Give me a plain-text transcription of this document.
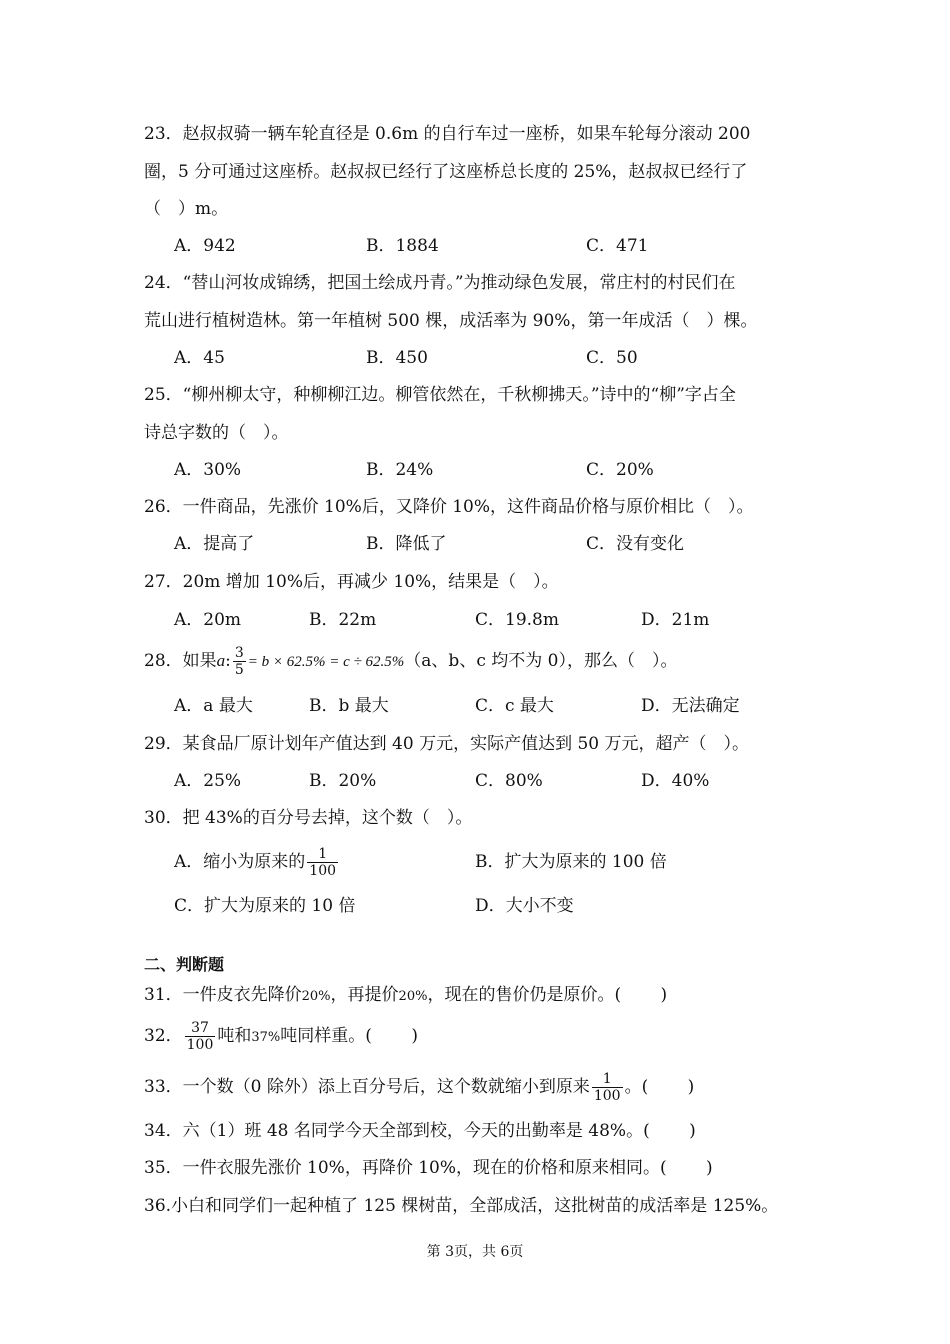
23．赵叔叔骑一辆车轮直径是 0.6m 的自行车过一座桥，如果车轮每分滚动 200
圈，5 分可通过这座桥。赵叔叔已经行了这座桥总长度的 25%，赵叔叔已经行了
（　）m。
A．942	B．1884	C．471
24．“替山河妆成锦绣，把国土绘成丹青。”为推动绿色发展，常庄村的村民们在
荒山进行植树造林。第一年植树 500 棵，成活率为 90%，第一年成活（　）棵。
A．45	B．450	C．50
25．“柳州柳太守，种柳柳江边。柳管依然在，千秋柳拂天。”诗中的“柳”字占全
诗总字数的（　）。
A．30%	B．24%	C．20%
26．一件商品，先涨价 10%后，又降价 10%，这件商品价格与原价相比（　）。
A．提高了	B．降低了	C．没有变化
27．20m 增加 10%后，再减少 10%，结果是（　）。
A．20m	B．22m	C．19.8m	D．21m
28．如果a: $\frac{3}{5} = b \times 62.5\% = c \div 62.5\%(a$、b、c 均不为 0），那么（　）。
A．a 最大	B．b 最大	C．c 最大	D．无法确定
29．某食品厂原计划年产值达到 40 万元，实际产值达到 50 万元，超产（　）。
A．25%	B．20%	C．80%	D．40%
30．把 43%的百分号去掉，这个数（　）。
A．缩小为原来的 $\frac{1}{100}$	B．扩大为原来的 100 倍
C．扩大为原来的 10 倍	D．大小不变
二、判断题
31．一件皮衣先降价20%，再提价20%，现在的售价仍是原价。(　　 )
32． $\frac{37}{100}$ 吨和37%吨同样重。(　　 )
33．一个数（0 除外）添上百分号后，这个数就缩小到原来 $\frac{1}{100}$ 。(　　 )
34．六（1）班 48 名同学今天全部到校，今天的出勤率是 48%。(　　 )
35．一件衣服先涨价 10%，再降价 10%，现在的价格和原来相同。(　　 )
36.小白和同学们一起种植了 125 棵树苗，全部成活，这批树苗的成活率是 125%。
第 3页，共 6页
